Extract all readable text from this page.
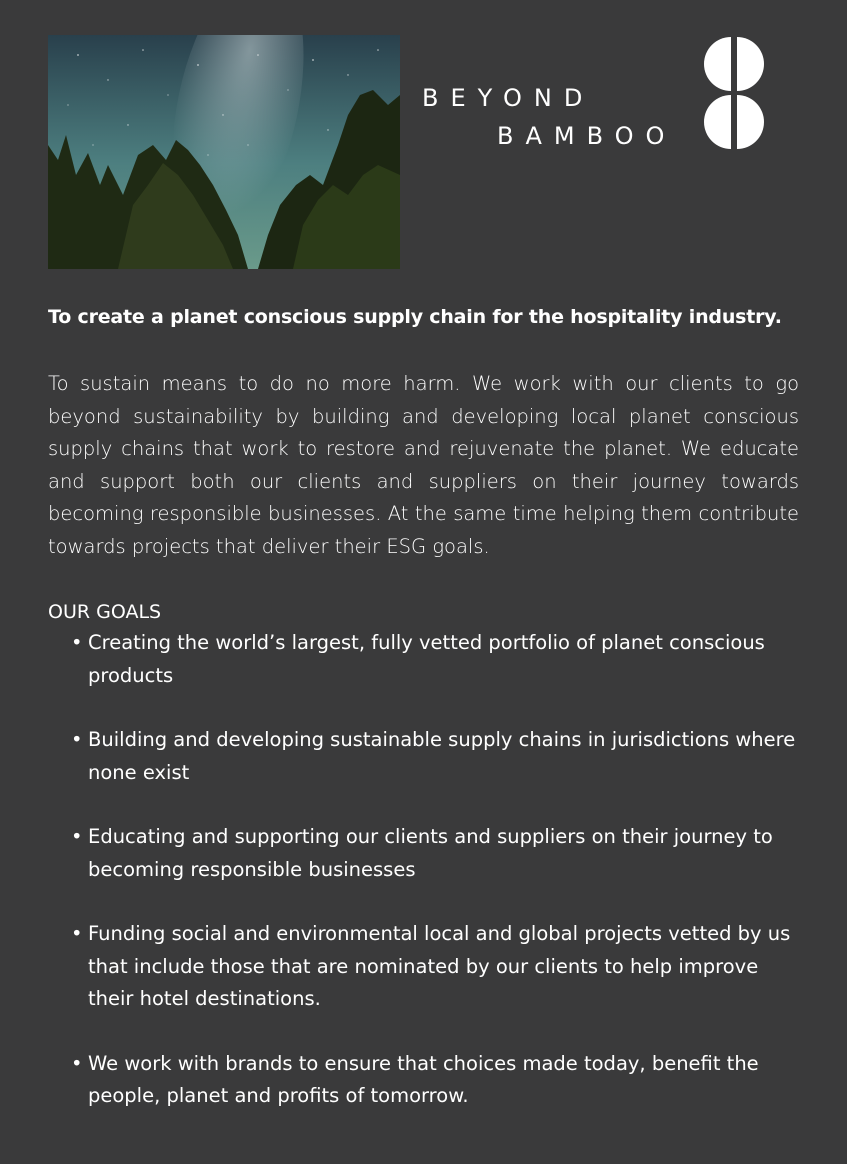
BEYOND
BAMBOO

To create a planet conscious supply chain for the hospitality industry.

To sustain means to do no more harm. We work with our clients to go beyond sustainability by building and developing local planet conscious supply chains that work to restore and rejuvenate the planet. We educate and support both our clients and suppliers on their journey towards becoming responsible businesses. At the same time helping them contribute towards projects that deliver their ESG goals.

OUR GOALS
• Creating the world’s largest, fully vetted portfolio of planet conscious products
• Building and developing sustainable supply chains in jurisdictions where none exist
• Educating and supporting our clients and suppliers on their journey to becoming responsible businesses
• Funding social and environmental local and global projects vetted by us that include those that are nominated by our clients to help improve their hotel destinations.
• We work with brands to ensure that choices made today, benefit the people, planet and profits of tomorrow.
